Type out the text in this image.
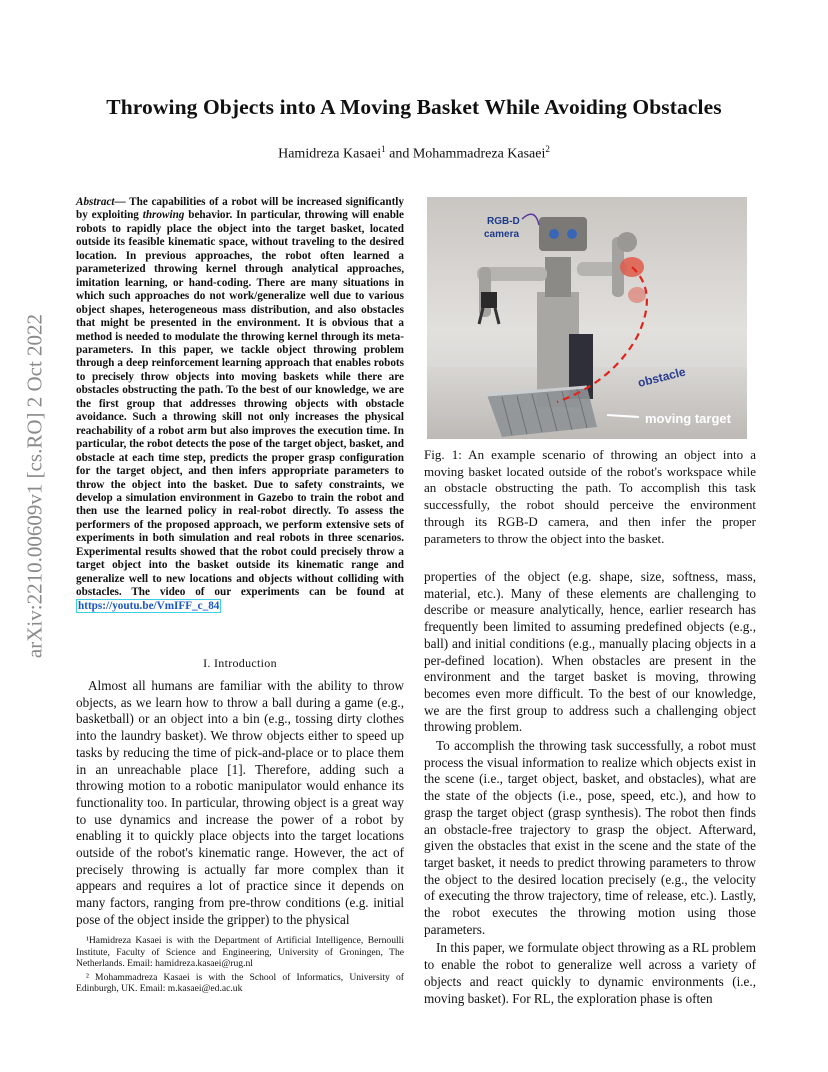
Throwing Objects into A Moving Basket While Avoiding Obstacles
Hamidreza Kasaei$^1$ and Mohammadreza Kasaei$^2$
arXiv:2210.00609v1 [cs.RO] 2 Oct 2022
Abstract— The capabilities of a robot will be increased significantly by exploiting throwing behavior. In particular, throwing will enable robots to rapidly place the object into the target basket, located outside its feasible kinematic space, without traveling to the desired location. In previous approaches, the robot often learned a parameterized throwing kernel through analytical approaches, imitation learning, or hand-coding. There are many situations in which such approaches do not work/generalize well due to various object shapes, heterogeneous mass distribution, and also obstacles that might be presented in the environment. It is obvious that a method is needed to modulate the throwing kernel through its meta-parameters. In this paper, we tackle object throwing problem through a deep reinforcement learning approach that enables robots to precisely throw objects into moving baskets while there are obstacles obstructing the path. To the best of our knowledge, we are the first group that addresses throwing objects with obstacle avoidance. Such a throwing skill not only increases the physical reachability of a robot arm but also improves the execution time. In particular, the robot detects the pose of the target object, basket, and obstacle at each time step, predicts the proper grasp configuration for the target object, and then infers appropriate parameters to throw the object into the basket. Due to safety constraints, we develop a simulation environment in Gazebo to train the robot and then use the learned policy in real-robot directly. To assess the performers of the proposed approach, we perform extensive sets of experiments in both simulation and real robots in three scenarios. Experimental results showed that the robot could precisely throw a target object into the basket outside its kinematic range and generalize well to new locations and objects without colliding with obstacles. The video of our experiments can be found at https://youtu.be/VmIFF_c_84
I. Introduction

Almost all humans are familiar with the ability to throw objects, as we learn how to throw a ball during a game (e.g., basketball) or an object into a bin (e.g., tossing dirty clothes into the laundry basket). We throw objects either to speed up tasks by reducing the time of pick-and-place or to place them in an unreachable place [1]. Therefore, adding such a throwing motion to a robotic manipulator would enhance its functionality too. In particular, throwing object is a great way to use dynamics and increase the power of a robot by enabling it to quickly place objects into the target locations outside of the robot's kinematic range. However, the act of precisely throwing is actually far more complex than it appears and requires a lot of practice since it depends on many factors, ranging from pre-throw conditions (e.g. initial pose of the object inside the gripper) to the physical

¹Hamidreza Kasaei is with the Department of Artificial Intelligence, Bernoulli Institute, Faculty of Science and Engineering, University of Groningen, The Netherlands. Email: hamidreza.kasaei@rug.nl

² Mohammadreza Kasaei is with the School of Informatics, University of Edinburgh, UK. Email: m.kasaei@ed.ac.uk

RGB-D
camera
obstacle
moving target
Fig. 1: An example scenario of throwing an object into a moving basket located outside of the robot's workspace while an obstacle obstructing the path. To accomplish this task successfully, the robot should perceive the environment through its RGB-D camera, and then infer the proper parameters to throw the object into the basket.

properties of the object (e.g. shape, size, softness, mass, material, etc.). Many of these elements are challenging to describe or measure analytically, hence, earlier research has frequently been limited to assuming predefined objects (e.g., ball) and initial conditions (e.g., manually placing objects in a per-defined location). When obstacles are present in the environment and the target basket is moving, throwing becomes even more difficult. To the best of our knowledge, we are the first group to address such a challenging object throwing problem.

To accomplish the throwing task successfully, a robot must process the visual information to realize which objects exist in the scene (i.e., target object, basket, and obstacles), what are the state of the objects (i.e., pose, speed, etc.), and how to grasp the target object (grasp synthesis). The robot then finds an obstacle-free trajectory to grasp the object. Afterward, given the obstacles that exist in the scene and the state of the target basket, it needs to predict throwing parameters to throw the object to the desired location precisely (e.g., the velocity of executing the throw trajectory, time of release, etc.). Lastly, the robot executes the throwing motion using those parameters.

In this paper, we formulate object throwing as a RL problem to enable the robot to generalize well across a variety of objects and react quickly to dynamic environments (i.e., moving basket). For RL, the exploration phase is often
